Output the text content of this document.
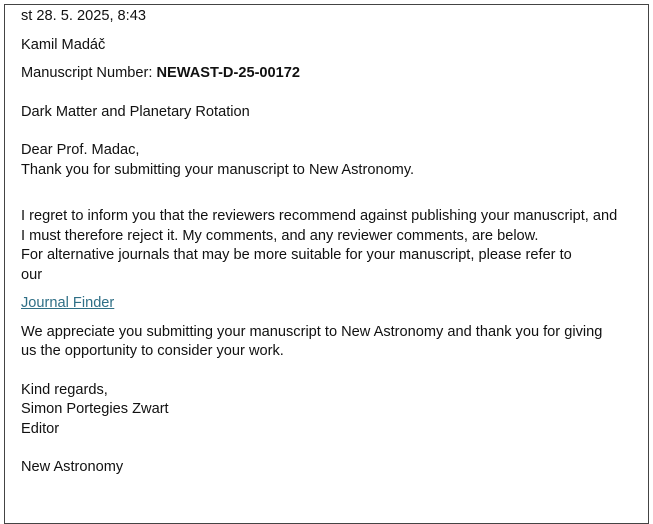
st 28. 5. 2025, 8:43
Kamil Madáč
Manuscript Number: NEWAST-D-25-00172
Dark Matter and Planetary Rotation
Dear Prof. Madac,
Thank you for submitting your manuscript to New Astronomy.
I regret to inform you that the reviewers recommend against publishing your manuscript, and I must therefore reject it. My comments, and any reviewer comments, are below.
For alternative journals that may be more suitable for your manuscript, please refer to
our
Journal Finder
We appreciate you submitting your manuscript to New Astronomy and thank you for giving us the opportunity to consider your work.
Kind regards,
Simon Portegies Zwart
Editor
New Astronomy
